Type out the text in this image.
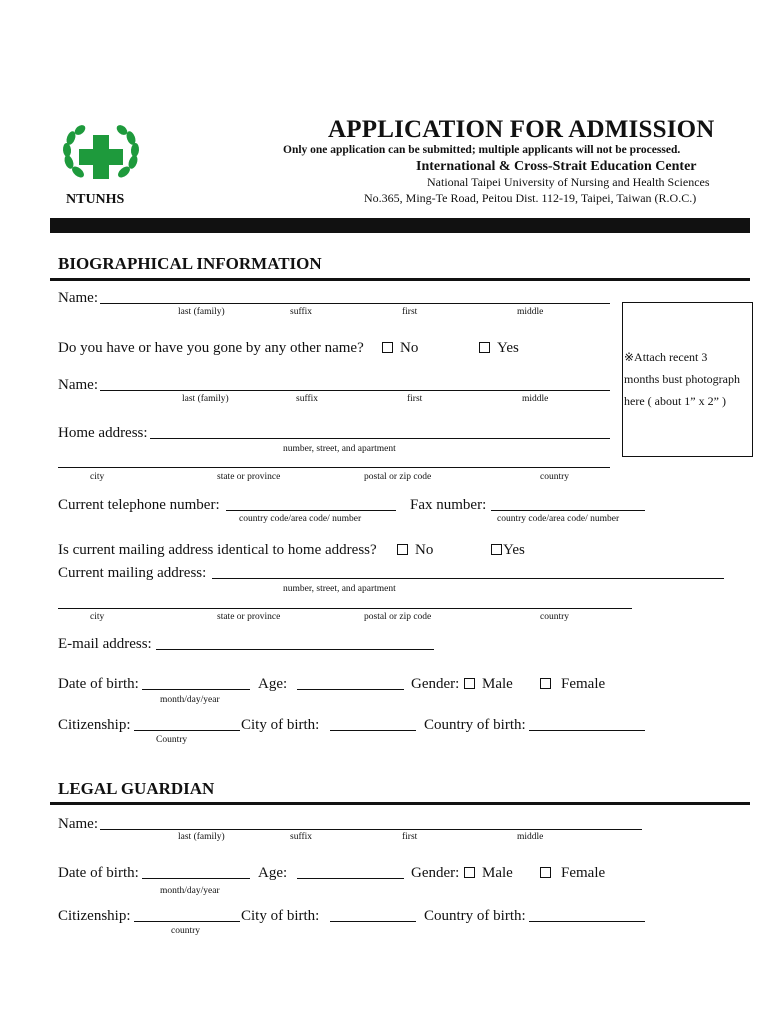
NTUNHS
APPLICATION FOR ADMISSION
Only one application can be submitted; multiple applicants will not be processed.
International & Cross-Strait Education Center
National Taipei University of Nursing and Health Sciences
No.365, Ming-Te Road, Peitou Dist. 112-19, Taipei, Taiwan (R.O.C.)
BIOGRAPHICAL INFORMATION
Name:
last (family)	suffix	first	middle
※Attach recent 3
months bust photograph
here ( about 1” x 2” )
Do you have or have you gone by any other name?	No	Yes
Name:
last (family)	suffix	first	middle
Home address:
number, street, and apartment
city	state or province	postal or zip code	country
Current telephone number:
country code/area code/ number
Fax number:
country code/area code/ number
Is current mailing address identical to home address?	No	Yes
Current mailing address:
number, street, and apartment
city	state or province	postal or zip code	country
E-mail address:
Date of birth:
month/day/year
Age:	Gender:	Male	Female
Citizenship:
Country
City of birth:	Country of birth:
LEGAL GUARDIAN
Name:
last (family)	suffix	first	middle
Date of birth:
month/day/year
Age:	Gender:	Male	Female
Citizenship:
country
City of birth:	Country of birth:
